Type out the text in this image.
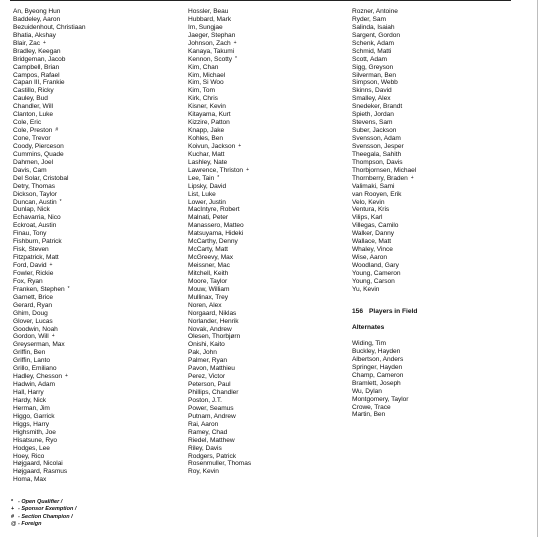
An, Byeong Hun
Baddeley, Aaron
Bezuidenhout, Christiaan
Bhatia, Akshay
Blair, Zac +
Bradley, Keegan
Bridgeman, Jacob
Campbell, Brian
Campos, Rafael
Capan III, Frankie
Castillo, Ricky
Cauley, Bud
Chandler, Will
Clanton, Luke
Cole, Eric
Cole, Preston #
Cone, Trevor
Coody, Pierceson
Cummins, Quade
Dahmen, Joel
Davis, Cam
Del Solar, Cristobal
Detry, Thomas
Dickson, Taylor
Duncan, Austin *
Dunlap, Nick
Echavarria, Nico
Eckroat, Austin
Finau, Tony
Fishburn, Patrick
Fisk, Steven
Fitzpatrick, Matt
Ford, David +
Fowler, Rickie
Fox, Ryan
Franken, Stephen *
Garnett, Brice
Gerard, Ryan
Ghim, Doug
Glover, Lucas
Goodwin, Noah
Gordon, Will +
Greyserman, Max
Griffin, Ben
Griffin, Lanto
Grillo, Emiliano
Hadley, Chesson +
Hadwin, Adam
Hall, Harry
Hardy, Nick
Herman, Jim
Higgo, Garrick
Higgs, Harry
Highsmith, Joe
Hisatsune, Ryo
Hodges, Lee
Hoey, Rico
Højgaard, Nicolai
Højgaard, Rasmus
Homa, Max
Hossler, Beau
Hubbard, Mark
Im, Sungjae
Jaeger, Stephan
Johnson, Zach +
Kanaya, Takumi
Kennon, Scotty *
Kim, Chan
Kim, Michael
Kim, Si Woo
Kim, Tom
Kirk, Chris
Kisner, Kevin
Kitayama, Kurt
Kizzire, Patton
Knapp, Jake
Kohles, Ben
Koivun, Jackson +
Kuchar, Matt
Lashley, Nate
Lawrence, Thriston +
Lee, Tain *
Lipsky, David
List, Luke
Lower, Justin
MacIntyre, Robert
Malnati, Peter
Manassero, Matteo
Matsuyama, Hideki
McCarthy, Denny
McCarty, Matt
McGreevy, Max
Meissner, Mac
Mitchell, Keith
Moore, Taylor
Mouw, William
Mullinax, Trey
Noren, Alex
Norgaard, Niklas
Norlander, Henrik
Novak, Andrew
Olesen, Thorbjørn
Onishi, Kaito
Pak, John
Palmer, Ryan
Pavon, Matthieu
Perez, Victor
Peterson, Paul
Phillips, Chandler
Poston, J.T.
Power, Seamus
Putnam, Andrew
Rai, Aaron
Ramey, Chad
Riedel, Matthew
Riley, Davis
Rodgers, Patrick
Rosenmuller, Thomas
Roy, Kevin
Rozner, Antoine
Ryder, Sam
Salinda, Isaiah
Sargent, Gordon
Schenk, Adam
Schmid, Matti
Scott, Adam
Sigg, Greyson
Silverman, Ben
Simpson, Webb
Skinns, David
Smalley, Alex
Snedeker, Brandt
Spieth, Jordan
Stevens, Sam
Suber, Jackson
Svensson, Adam
Svensson, Jesper
Theegala, Sahith
Thompson, Davis
Thorbjornsen, Michael
Thornberry, Braden +
Valimaki, Sami
van Rooyen, Erik
Velo, Kevin
Ventura, Kris
Vilips, Karl
Villegas, Camilo
Walker, Danny
Wallace, Matt
Whaley, Vince
Wise, Aaron
Woodland, Gary
Young, Cameron
Young, Carson
Yu, Kevin
156 Players in Field
Alternates
Widing, Tim
Buckley, Hayden
Albertson, Anders
Springer, Hayden
Champ, Cameron
Bramlett, Joseph
Wu, Dylan
Montgomery, Taylor
Crowe, Trace
Martin, Ben
* - Open Qualifier /
+ - Sponsor Exemption /
# - Section Champion /
@ - Foreign
